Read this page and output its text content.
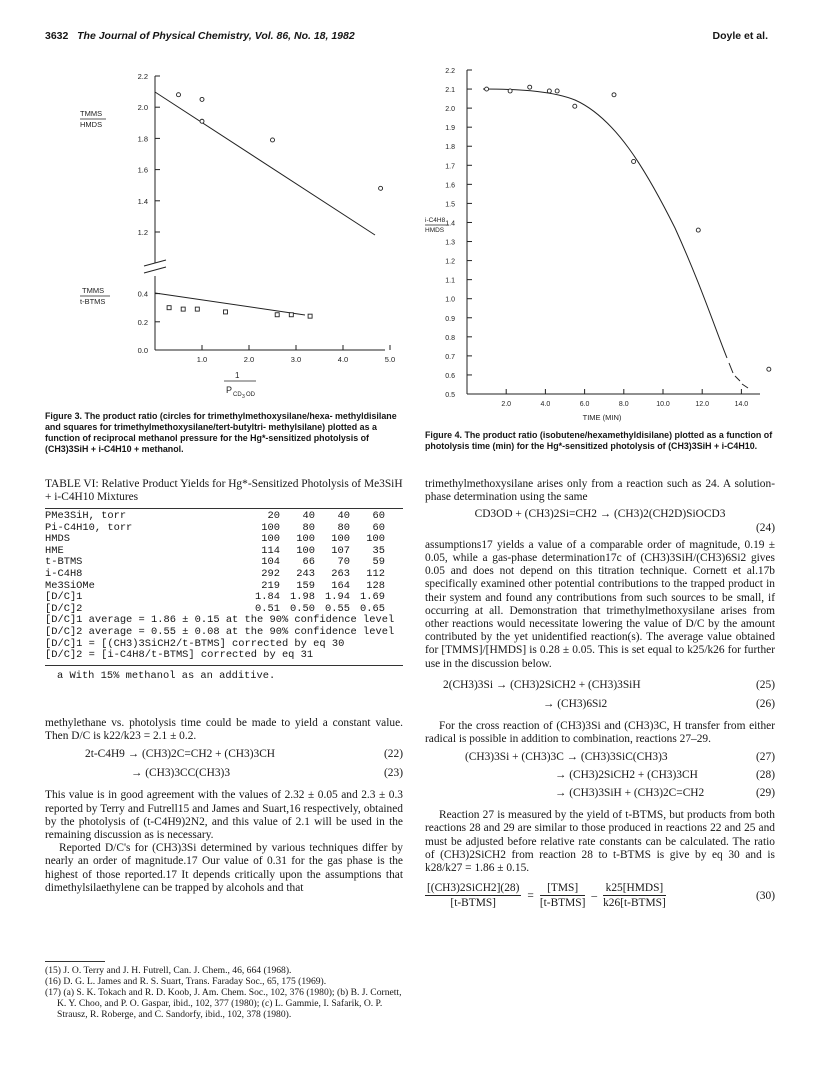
3632 The Journal of Physical Chemistry, Vol. 86, No. 18, 1982	Doyle et al.
TMMS
HMDS
TMMS
t-BTMS
1
P CD 3 OD
2.2
2.0
1.8
1.6
1.4
1.2
0.4
0.2
0.0
1.0	2.0	3.0	4.0	5.0
Figure 3. The product ratio (circles for trimethylmethoxysilane/hexa- methyldisilane and squares for trimethylmethoxysilane/tert-butyltri- methylsilane) plotted as a function of reciprocal methanol pressure for the Hg*-sensitized photolysis of (CH3)3SiH + i-C4H10 + methanol.
i-C4H8
HMDS
TIME (MIN)
2.2
2.1
2.0
1.9
1.8
1.7
1.6
1.5
1.4
1.3
1.2
1.1
1.0
0.9
0.8
0.7
0.6
0.5
2.0	4.0	6.0	8.0	10.0	12.0	14.0
Figure 4. The product ratio (isobutene/hexamethyldisilane) plotted as a function of photolysis time (min) for the Hg*-sensitized photolysis of (CH3)3SiH + i-C4H10.
TABLE VI: Relative Product Yields for Hg*-Sensitized Photolysis of Me3SiH + i-C4H10 Mixtures
PMe3SiH, torr	20	40	40	60
Pi-C4H10, torr	100	80	80	60
HMDS	100	100	100	100
HME	114	100	107	35
t-BTMS	104	66	70	59
i-C4H8	292	243	263	112
Me3SiOMe	219	159	164	128
[D/C]1	1.84	1.98	1.94	1.69
[D/C]2	0.51	0.50	0.55	0.65
[D/C]1 average = 1.86 ± 0.15 at the 90% confidence level
[D/C]2 average = 0.55 ± 0.08 at the 90% confidence level
[D/C]1 = [(CH3)3SiCH2/t-BTMS] corrected by eq 30
[D/C]2 = [i-C4H8/t-BTMS] corrected by eq 31
a With 15% methanol as an additive.

methylethane vs. photolysis time could be made to yield a constant value. Then D/C is k22/k23 = 2.1 ± 0.2.

2t-C4H9 → (CH3)2C=CH2 + (CH3)3CH	(22)
→ (CH3)3CC(CH3)3	(23)

This value is in good agreement with the values of 2.32 ± 0.05 and 2.3 ± 0.3 reported by Terry and Futrell15 and James and Suart,16 respectively, obtained by the photolysis of (t-C4H9)2N2, and this value of 2.1 will be used in the remaining discussion as is necessary.

Reported D/C's for (CH3)3Si determined by various techniques differ by nearly an order of magnitude.17 Our value of 0.31 for the gas phase is the highest of those reported.17 It depends critically upon the assumptions that dimethylsilaethylene can be trapped by alcohols and that

(15) J. O. Terry and J. H. Futrell, Can. J. Chem., 46, 664 (1968).
(16) D. G. L. James and R. S. Suart, Trans. Faraday Soc., 65, 175 (1969).
(17) (a) S. K. Tokach and R. D. Koob, J. Am. Chem. Soc., 102, 376 (1980); (b) B. J. Cornett, K. Y. Choo, and P. O. Gaspar, ibid., 102, 377 (1980); (c) L. Gammie, I. Safarik, O. P. Strausz, R. Roberge, and C. Sandorfy, ibid., 102, 378 (1980).

trimethylmethoxysilane arises only from a reaction such as 24. A solution-phase determination using the same

CD3OD + (CH3)2Si=CH2 → (CH3)2(CH2D)SiOCD3
(24)

assumptions17 yields a value of a comparable order of magnitude, 0.19 ± 0.05, while a gas-phase determination17c of (CH3)3SiH/(CH3)6Si2 gives 0.05 and does not depend on this titration technique. Cornett et al.17b specifically examined other potential contributions to the trapped product in their system and found any contributions from such sources to be small, if occurring at all. Demonstration that trimethylmethoxysilane arises from other reactions would necessitate lowering the value of D/C by the amount contributed by the yet unidentified reaction(s). The average value obtained for [TMMS]/[HMDS] is 0.28 ± 0.05. This is set equal to k25/k26 for further use in the discussion below.

2(CH3)3Si → (CH3)2SiCH2 + (CH3)3SiH	(25)
→ (CH3)6Si2	(26)

For the cross reaction of (CH3)3Si and (CH3)3C, H transfer from either radical is possible in addition to combination, reactions 27–29.

(CH3)3Si + (CH3)3C → (CH3)3SiC(CH3)3	(27)
→ (CH3)2SiCH2 + (CH3)3CH	(28)
→ (CH3)3SiH + (CH3)2C=CH2	(29)

Reaction 27 is measured by the yield of t-BTMS, but products from both reactions 28 and 29 are similar to those produced in reactions 22 and 25 and must be adjusted before relative rate constants can be calculated. The ratio of (CH3)2SiCH2 from reaction 28 to t-BTMS is give by eq 30 and is k28/k27 = 1.86 ± 0.15.

[(CH3)2SiCH2](28)
[t-BTMS]
=
[TMS]
[t-BTMS]
–
k25[HMDS]
k26[t-BTMS]
(30)
